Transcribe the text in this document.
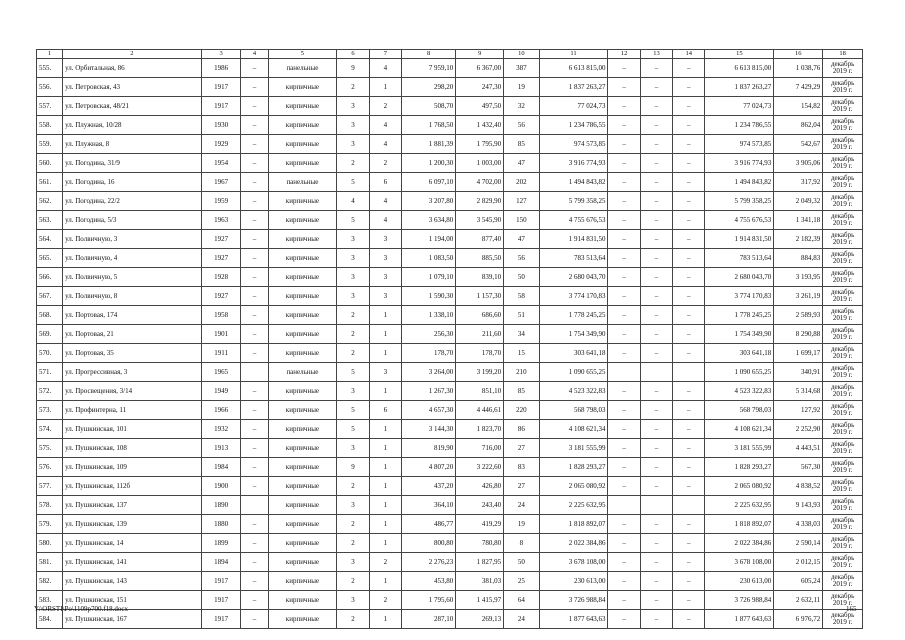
1	2	3	4	5	6	7	8	9	10	11	12	13	14	15	16	18
555.	ул. Орбитальная, 86	1986	–	панельные	9	4	7 959,10	6 367,00	387	6 613 815,00	–	–	–	6 613 815,00	1 038,76	декабрь 2019 г.
556.	ул. Петровская, 43	1917	–	кирпичные	2	1	298,20	247,30	19	1 837 263,27	–	–	–	1 837 263,27	7 429,29	декабрь 2019 г.
557.	ул. Петровская, 48/21	1917	–	кирпичные	3	2	508,70	497,50	32	77 024,73	–	–	–	77 024,73	154,82	декабрь 2019 г.
558.	ул. Плужная, 10/28	1930	–	кирпичные	3	4	1 768,50	1 432,40	56	1 234 786,55	–	–	–	1 234 786,55	862,04	декабрь 2019 г.
559.	ул. Плужная, 8	1929	–	кирпичные	3	4	1 881,39	1 795,90	85	974 573,85	–	–	–	974 573,85	542,67	декабрь 2019 г.
560.	ул. Погодина, 31/9	1954	–	кирпичные	2	2	1 200,30	1 003,00	47	3 916 774,93	–	–	–	3 916 774,93	3 905,06	декабрь 2019 г.
561.	ул. Погодина, 16	1967	–	панельные	5	6	6 097,10	4 702,00	202	1 494 843,82	–	–	–	1 494 843,82	317,92	декабрь 2019 г.
562.	ул. Погодина, 22/2	1959	–	кирпичные	4	4	3 207,80	2 829,90	127	5 799 358,25	–	–	–	5 799 358,25	2 049,32	декабрь 2019 г.
563.	ул. Погодина, 5/3	1963	–	кирпичные	5	4	3 634,80	3 545,90	150	4 755 676,53	–	–	–	4 755 676,53	1 341,18	декабрь 2019 г.
564.	ул. Полвичную, 3	1927	–	кирпичные	3	3	1 194,00	877,40	47	1 914 831,50	–	–	–	1 914 831,50	2 182,39	декабрь 2019 г.
565.	ул. Полвичную, 4	1927	–	кирпичные	3	3	1 083,50	885,50	56	783 513,64	–	–	–	783 513,64	884,83	декабрь 2019 г.
566.	ул. Полвичную, 5	1928	–	кирпичные	3	3	1 079,10	839,10	50	2 680 043,70	–	–	–	2 680 043,70	3 193,95	декабрь 2019 г.
567.	ул. Полвичную, 8	1927	–	кирпичные	3	3	1 590,30	1 157,30	58	3 774 170,83	–	–	–	3 774 170,83	3 261,19	декабрь 2019 г.
568.	ул. Портовая, 174	1958	–	кирпичные	2	1	1 338,10	686,60	51	1 778 245,25	–	–	–	1 778 245,25	2 589,93	декабрь 2019 г.
569.	ул. Портовая, 21	1901	–	кирпичные	2	1	256,30	211,60	34	1 754 349,90	–	–	–	1 754 349,90	8 290,88	декабрь 2019 г.
570.	ул. Портовая, 35	1911	–	кирпичные	2	1	178,70	178,70	15	303 641,18	–	–	–	303 641,18	1 699,17	декабрь 2019 г.
571.	ул. Прогрессивная, 3	1965		панельные	5	3	3 264,00	3 199,20	210	1 090 655,25				1 090 655,25	340,91	декабрь 2019 г.
572.	ул. Просвещения, 3/14	1949	–	кирпичные	3	1	1 267,30	851,10	85	4 523 322,83	–	–	–	4 523 322,83	5 314,68	декабрь 2019 г.
573.	ул. Профинтерна, 11	1966	–	кирпичные	5	6	4 657,30	4 446,61	220	568 798,03	–	–	–	568 798,03	127,92	декабрь 2019 г.
574.	ул. Пушкинская, 101	1932	–	кирпичные	5	1	3 144,30	1 823,70	86	4 108 621,34	–	–	–	4 108 621,34	2 252,90	декабрь 2019 г.
575.	ул. Пушкинская, 108	1913	–	кирпичные	3	1	819,90	716,00	27	3 181 555,99	–	–	–	3 181 555,99	4 443,51	декабрь 2019 г.
576.	ул. Пушкинская, 109	1984	–	кирпичные	9	1	4 807,20	3 222,60	83	1 828 293,27	–	–	–	1 828 293,27	567,30	декабрь 2019 г.
577.	ул. Пушкинская, 112б	1900	–	кирпичные	2	1	437,20	426,80	27	2 065 080,92	–	–	–	2 065 080,92	4 838,52	декабрь 2019 г.
578.	ул. Пушкинская, 137	1890		кирпичные	3	1	364,10	243,40	24	2 225 632,95				2 225 632,95	9 143,93	декабрь 2019 г.
579.	ул. Пушкинская, 139	1880	–	кирпичные	2	1	486,77	419,29	19	1 818 892,07	–	–	–	1 818 892,07	4 338,03	декабрь 2019 г.
580.	ул. Пушкинская, 14	1899	–	кирпичные	2	1	800,80	780,80	8	2 022 384,86	–	–	–	2 022 384,86	2 590,14	декабрь 2019 г.
581.	ул. Пушкинская, 141	1894	–	кирпичные	3	2	2 276,23	1 827,95	50	3 678 108,00	–	–	–	3 678 108,00	2 012,15	декабрь 2019 г.
582.	ул. Пушкинская, 143	1917	–	кирпичные	2	1	453,80	381,03	25	230 613,00	–	–	–	230 613,00	605,24	декабрь 2019 г.
583.	ул. Пушкинская, 151	1917	–	кирпичные	3	2	1 795,60	1 415,97	64	3 726 988,84	–	–	–	3 726 988,84	2 632,11	декабрь 2019 г.
584.	ул. Пушкинская, 167	1917	–	кирпичные	2	1	287,10	269,13	24	1 877 643,63	–	–	–	1 877 643,63	6 976,72	декабрь 2019 г.
Y:\ORSTI\Po\1109p700.f18.docx	165
